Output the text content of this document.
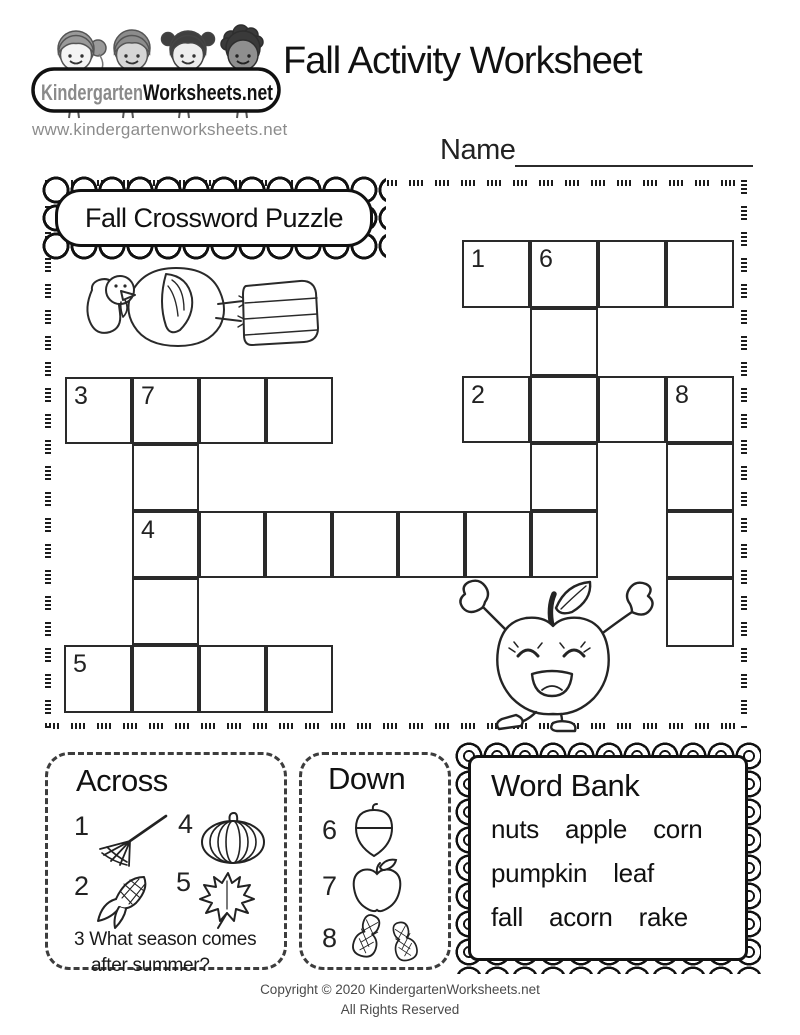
Kindergarten Worksheets.net
www.kindergartenworksheets.net
Fall Activity Worksheet
Name
Fall Crossword Puzzle
1 6
2	8
3 7
4
5
Across
1	4
2	5
3 What season comes
after summer?
Down
6
7
8
Word Bank
nuts apple corn
pumpkin leaf
fall acorn rake
Copyright © 2020 KindergartenWorksheets.net
All Rights Reserved
